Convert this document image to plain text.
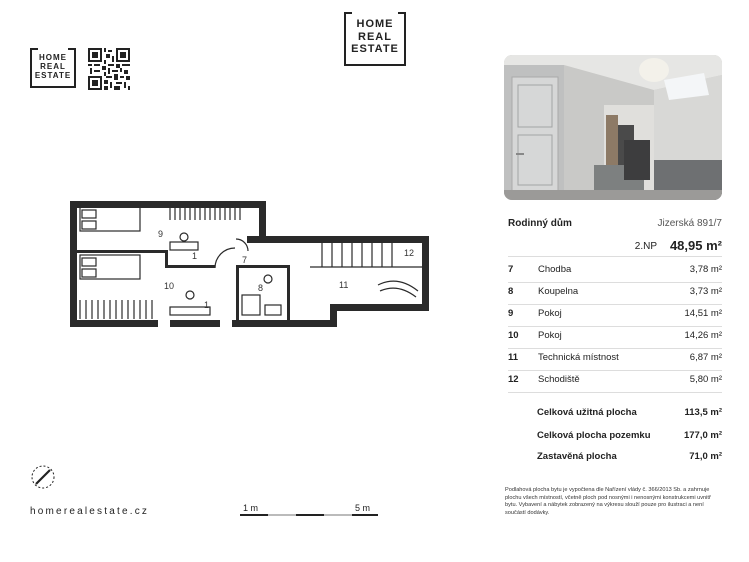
HOME
REAL
ESTATE
HOME
REAL
ESTATE
Rodinný dům	Jizerská 891/7
2.NP 48,95 m²
7	Chodba	3,78 m²
8	Koupelna	3,73 m²
9	Pokoj	14,51 m²
10 Pokoj	14,26 m²
11 Technická místnost	6,87 m²
12 Schodiště	5,80 m²
Celková užitná plocha	113,5 m²
Celková plocha pozemku	177,0 m²
Zastavěná plocha	71,0 m²
Podlahová plocha bytu je vypočtena dle Nařízení vlády č. 366/2013 Sb. a zahrnuje plochu všech místností, včetně ploch pod nosnými i nenosnými konstrukcemi uvnitř bytu. Vybavení a nábytek zobrazený na výkresu slouží pouze pro ilustraci a není součástí dodávky.
9
10
7
8	11
12
1
1
homerealestate.cz	1 m	5 m
